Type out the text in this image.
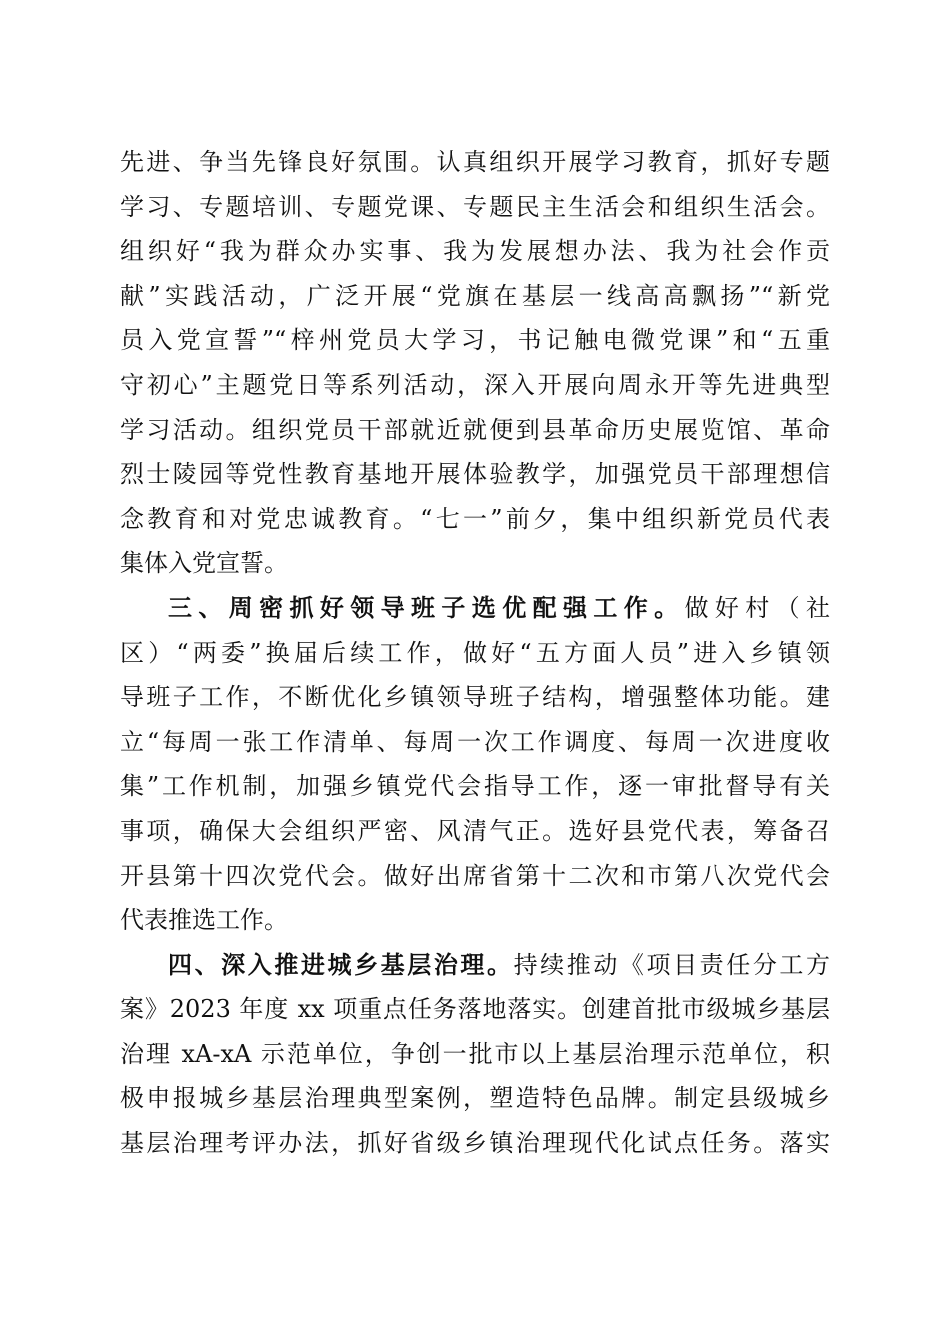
先进、争当先锋良好氛围。认真组织开展学习教育，抓好专题
学习、专题培训、专题党课、专题民主生活会和组织生活会。
组织好“我为群众办实事、我为发展想办法、我为社会作贡
献”实践活动，广泛开展“党旗在基层一线高高飘扬”“新党
员入党宣誓”“梓州党员大学习，书记触电微党课”和“五重
守初心”主题党日等系列活动，深入开展向周永开等先进典型
学习活动。组织党员干部就近就便到县革命历史展览馆、革命
烈士陵园等党性教育基地开展体验教学，加强党员干部理想信
念教育和对党忠诚教育。“七一”前夕，集中组织新党员代表
集体入党宣誓。
三、周密抓好领导班子选优配强工作。做好村（社
区）“两委”换届后续工作，做好“五方面人员”进入乡镇领
导班子工作，不断优化乡镇领导班子结构，增强整体功能。建
立“每周一张工作清单、每周一次工作调度、每周一次进度收
集”工作机制，加强乡镇党代会指导工作，逐一审批督导有关
事项，确保大会组织严密、风清气正。选好县党代表，筹备召
开县第十四次党代会。做好出席省第十二次和市第八次党代会
代表推选工作。
四、深入推进城乡基层治理。持续推动《项目责任分工方
案》2023 年度 xx 项重点任务落地落实。创建首批市级城乡基层
治理 xA-xA 示范单位，争创一批市以上基层治理示范单位，积
极申报城乡基层治理典型案例，塑造特色品牌。制定县级城乡
基层治理考评办法，抓好省级乡镇治理现代化试点任务。落实
